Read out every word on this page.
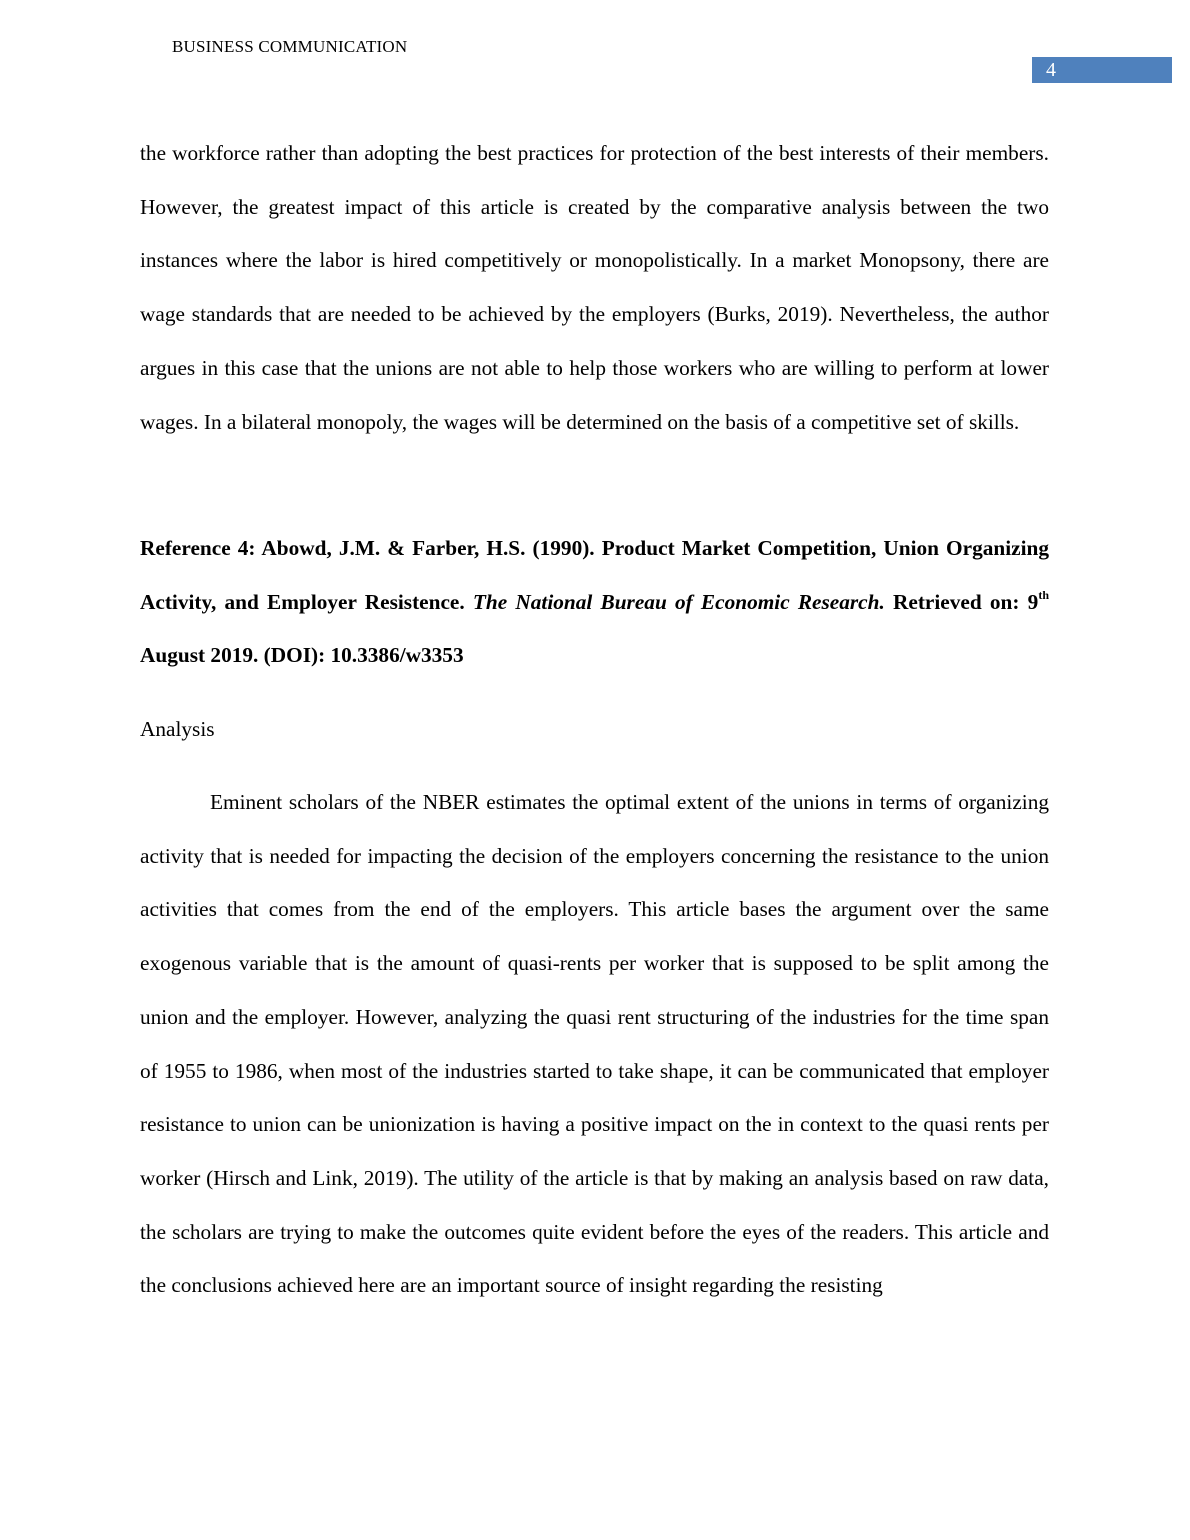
BUSINESS COMMUNICATION
4

the workforce rather than adopting the best practices for protection of the best interests of their members. However, the greatest impact of this article is created by the comparative analysis between the two instances where the labor is hired competitively or monopolistically. In a market Monopsony, there are wage standards that are needed to be achieved by the employers (Burks, 2019). Nevertheless, the author argues in this case that the unions are not able to help those workers who are willing to perform at lower wages. In a bilateral monopoly, the wages will be determined on the basis of a competitive set of skills.

Reference 4: Abowd, J.M. & Farber, H.S. (1990). Product Market Competition, Union Organizing Activity, and Employer Resistence. The National Bureau of Economic Research. Retrieved on: 9th August 2019. (DOI): 10.3386/w3353

Analysis

Eminent scholars of the NBER estimates the optimal extent of the unions in terms of organizing activity that is needed for impacting the decision of the employers concerning the resistance to the union activities that comes from the end of the employers. This article bases the argument over the same exogenous variable that is the amount of quasi-rents per worker that is supposed to be split among the union and the employer. However, analyzing the quasi rent structuring of the industries for the time span of 1955 to 1986, when most of the industries started to take shape, it can be communicated that employer resistance to union can be unionization is having a positive impact on the in context to the quasi rents per worker (Hirsch and Link, 2019). The utility of the article is that by making an analysis based on raw data, the scholars are trying to make the outcomes quite evident before the eyes of the readers. This article and the conclusions achieved here are an important source of insight regarding the resisting
